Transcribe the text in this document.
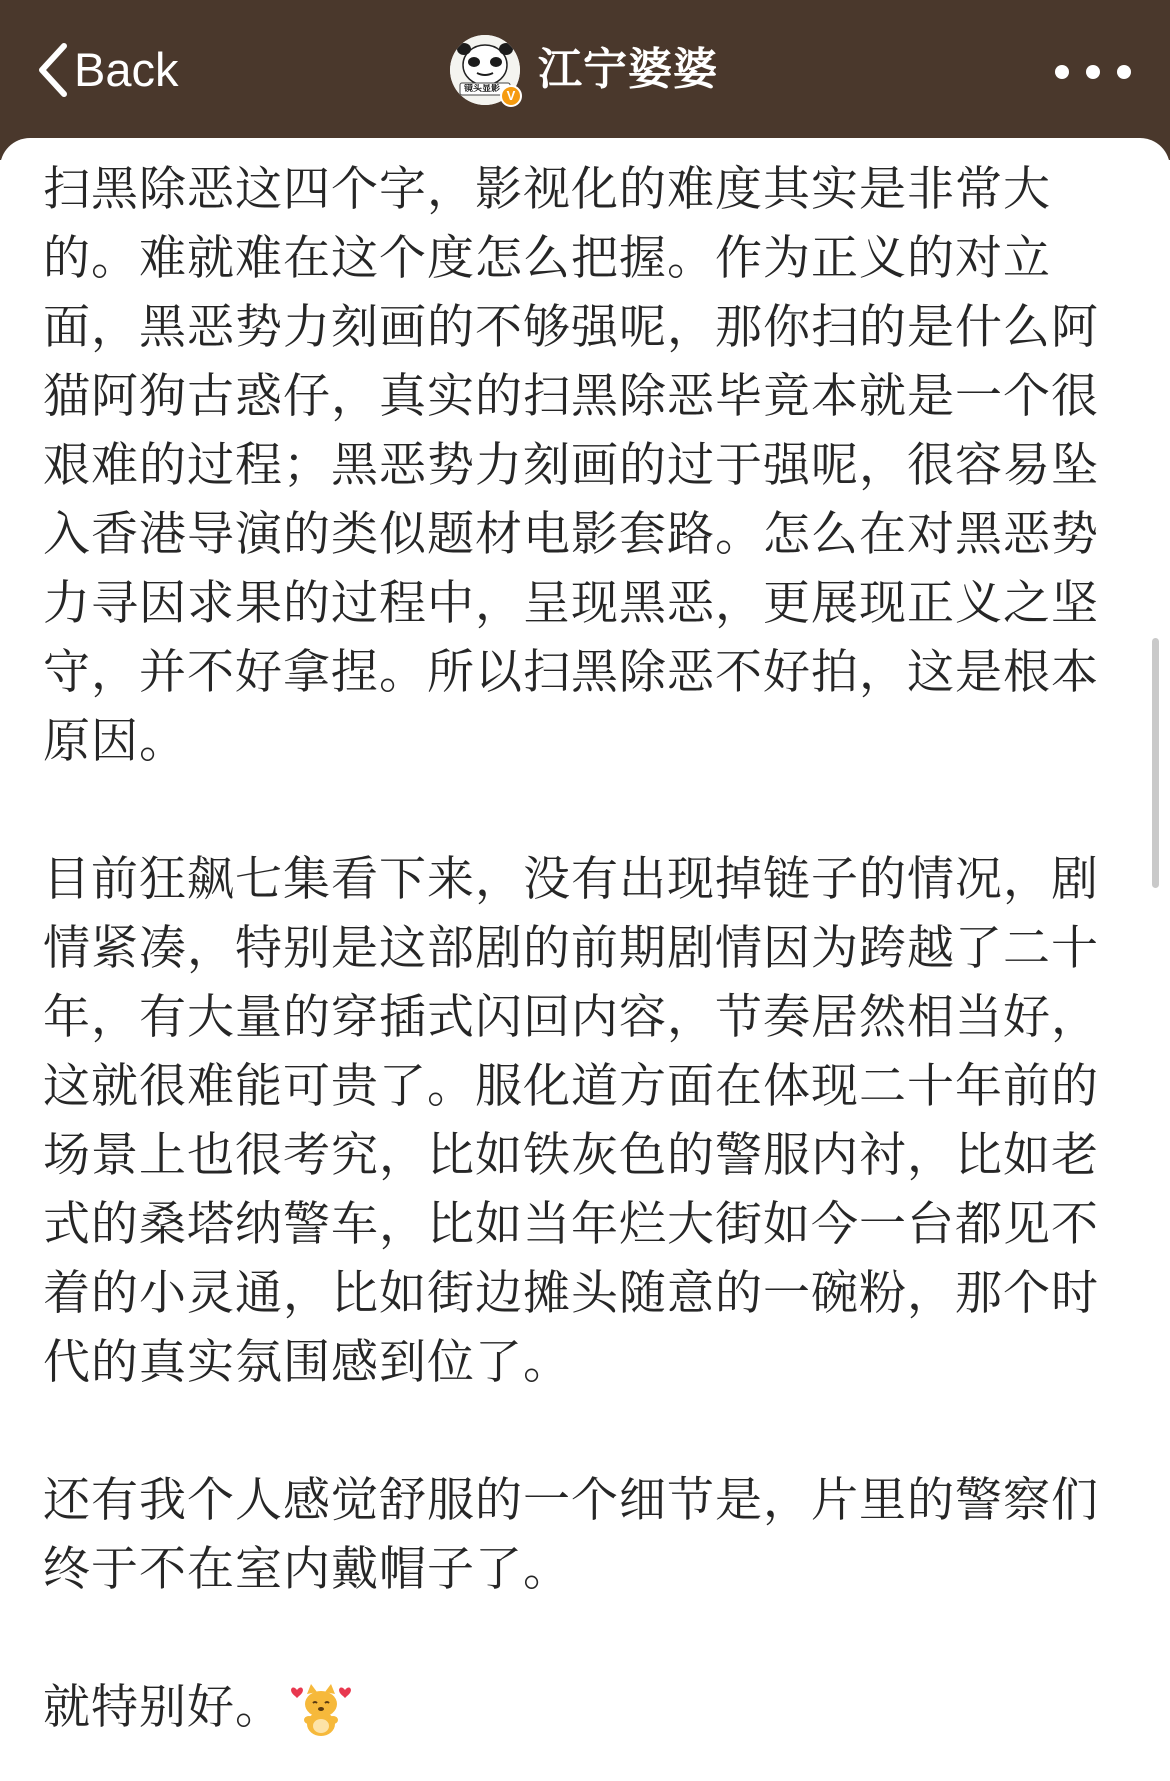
Back	镜头显影 V
江宁婆婆
扫黑除恶这四个字，影视化的难度其实是非常大
的。难就难在这个度怎么把握。作为正义的对立
面，黑恶势力刻画的不够强呢，那你扫的是什么阿
猫阿狗古惑仔，真实的扫黑除恶毕竟本就是一个很
艰难的过程；黑恶势力刻画的过于强呢，很容易坠
入香港导演的类似题材电影套路。怎么在对黑恶势
力寻因求果的过程中，呈现黑恶，更展现正义之坚
守，并不好拿捏。所以扫黑除恶不好拍，这是根本
原因。
目前狂飙七集看下来，没有出现掉链子的情况，剧
情紧凑，特别是这部剧的前期剧情因为跨越了二十
年，有大量的穿插式闪回内容，节奏居然相当好，
这就很难能可贵了。服化道方面在体现二十年前的
场景上也很考究，比如铁灰色的警服内衬，比如老
式的桑塔纳警车，比如当年烂大街如今一台都见不
着的小灵通，比如街边摊头随意的一碗粉，那个时
代的真实氛围感到位了。
还有我个人感觉舒服的一个细节是，片里的警察们
终于不在室内戴帽子了。
就特别好。
